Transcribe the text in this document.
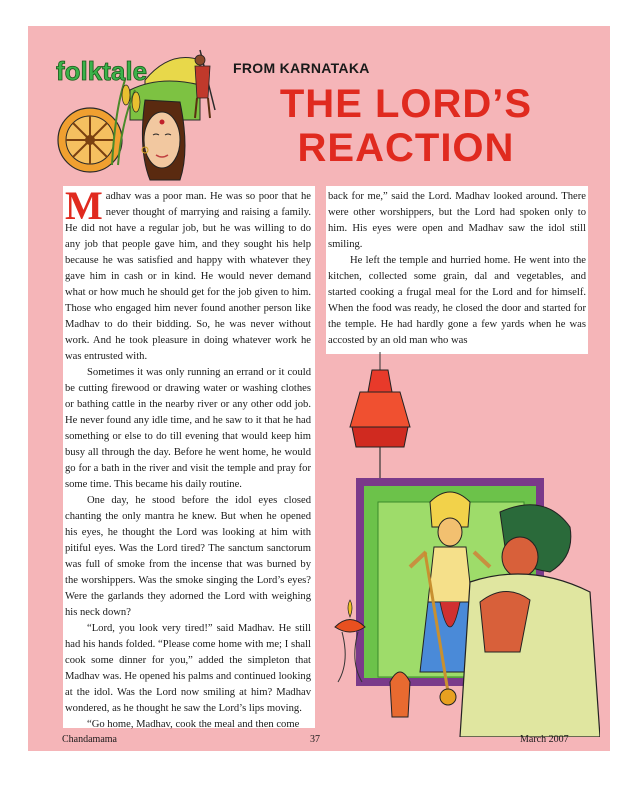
folktale	FROM KARNATAKA
THE LORD’S
REACTION

Madhav was a poor man. He was so poor that he never thought of marrying and raising a family. He did not have a regular job, but he was willing to do any job that people gave him, and they sought his help because he was satisfied and happy with whatever they gave him in cash or in kind. He would never demand what or how much he should get for the job given to him. Those who engaged him never found another person like Madhav to do their bidding. So, he was never without work. And he took pleasure in doing whatever work he was entrusted with.

Sometimes it was only running an errand or it could be cutting firewood or drawing water or washing clothes or bathing cattle in the nearby river or any other odd job. He never found any idle time, and he saw to it that he had something or else to do till evening that would keep him busy all through the day. Before he went home, he would go for a bath in the river and visit the temple and pray for some time. This became his daily routine.

One day, he stood before the idol eyes closed chanting the only mantra he knew. But when he opened his eyes, he thought the Lord was looking at him with pitiful eyes. Was the Lord tired? The sanctum sanctorum was full of smoke from the incense that was burned by the worshippers. Was the smoke singing the Lord’s eyes? Were the garlands they adorned the Lord with weighing his neck down?

“Lord, you look very tired!” said Madhav. He still had his hands folded. “Please come home with me; I shall cook some dinner for you,” added the simpleton that Madhav was. He opened his palms and continued looking at the idol. Was the Lord now smiling at him? Madhav wondered, as he thought he saw the Lord’s lips moving.

“Go home, Madhav, cook the meal and then come

back for me,” said the Lord. Madhav looked around. There were other worshippers, but the Lord had spoken only to him. His eyes were open and Madhav saw the idol still smiling.

He left the temple and hurried home. He went into the kitchen, collected some grain, dal and vegetables, and started cooking a frugal meal for the Lord and for himself. When the food was ready, he closed the door and started for the temple. He had hardly gone a few yards when he was accosted by an old man who was

Chandamama	37	March 2007
